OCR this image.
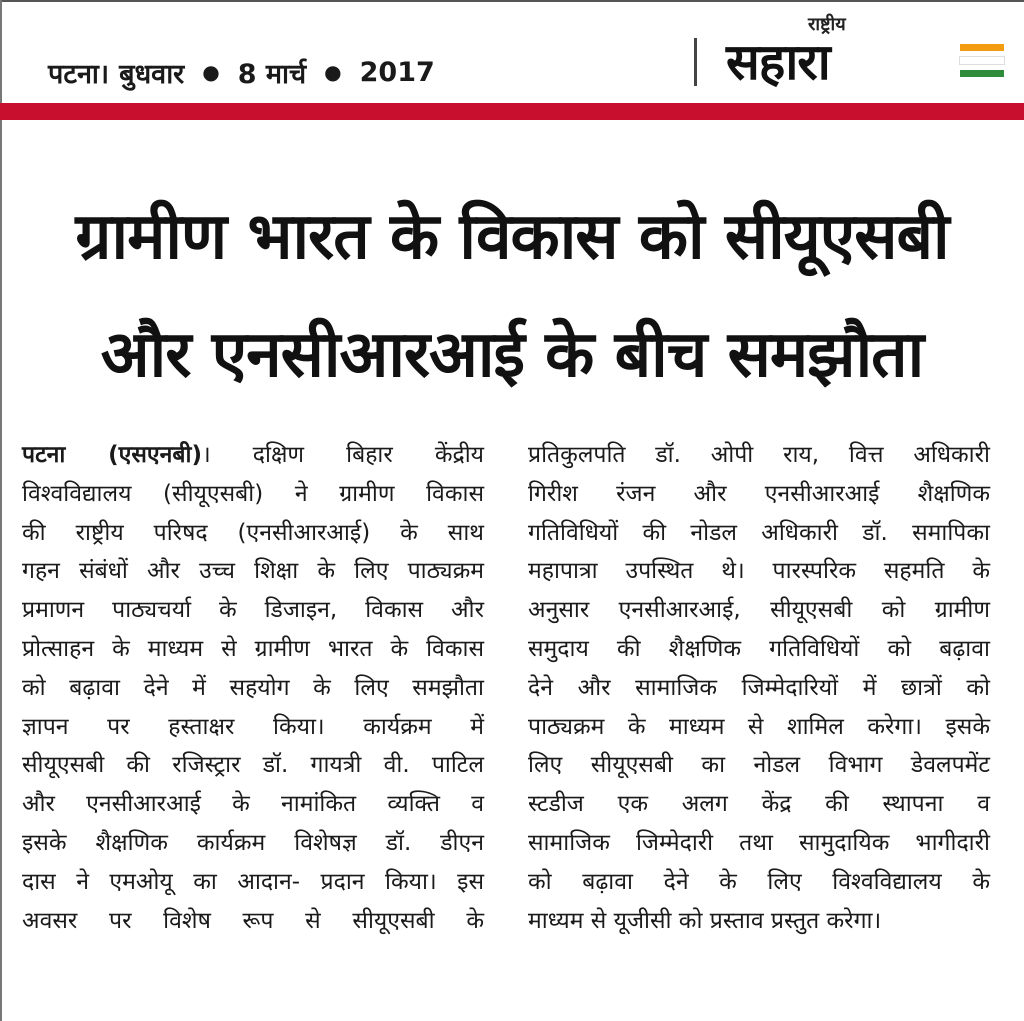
पटना। बुधवार ● 8 मार्च ● 2017
राष्ट्रीय
सहारा
ग्रामीण भारत के विकास को सीयूएसबी
और एनसीआरआई के बीच समझौता
पटना (एसएनबी)। दक्षिण बिहार केंद्रीय
विश्वविद्यालय (सीयूएसबी) ने ग्रामीण विकास
की राष्ट्रीय परिषद (एनसीआरआई) के साथ
गहन संबंधों और उच्च शिक्षा के लिए पाठ्यक्रम
प्रमाणन पाठ्यचर्या के डिजाइन, विकास और
प्रोत्साहन के माध्यम से ग्रामीण भारत के विकास
को बढ़ावा देने में सहयोग के लिए समझौता
ज्ञापन पर हस्ताक्षर किया। कार्यक्रम में
सीयूएसबी की रजिस्ट्रार डॉ. गायत्री वी. पाटिल
और एनसीआरआई के नामांकित व्यक्ति व
इसके शैक्षणिक कार्यक्रम विशेषज्ञ डॉ. डीएन
दास ने एमओयू का आदान- प्रदान किया। इस
अवसर पर विशेष रूप से सीयूएसबी के
प्रतिकुलपति डॉ. ओपी राय, वित्त अधिकारी
गिरीश रंजन और एनसीआरआई शैक्षणिक
गतिविधियों की नोडल अधिकारी डॉ. समापिका
महापात्रा उपस्थित थे। पारस्परिक सहमति के
अनुसार एनसीआरआई, सीयूएसबी को ग्रामीण
समुदाय की शैक्षणिक गतिविधियों को बढ़ावा
देने और सामाजिक जिम्मेदारियों में छात्रों को
पाठ्यक्रम के माध्यम से शामिल करेगा। इसके
लिए सीयूएसबी का नोडल विभाग डेवलपमेंट
स्टडीज एक अलग केंद्र की स्थापना व
सामाजिक जिम्मेदारी तथा सामुदायिक भागीदारी
को बढ़ावा देने के लिए विश्वविद्यालय के
माध्यम से यूजीसी को प्रस्ताव प्रस्तुत करेगा।
